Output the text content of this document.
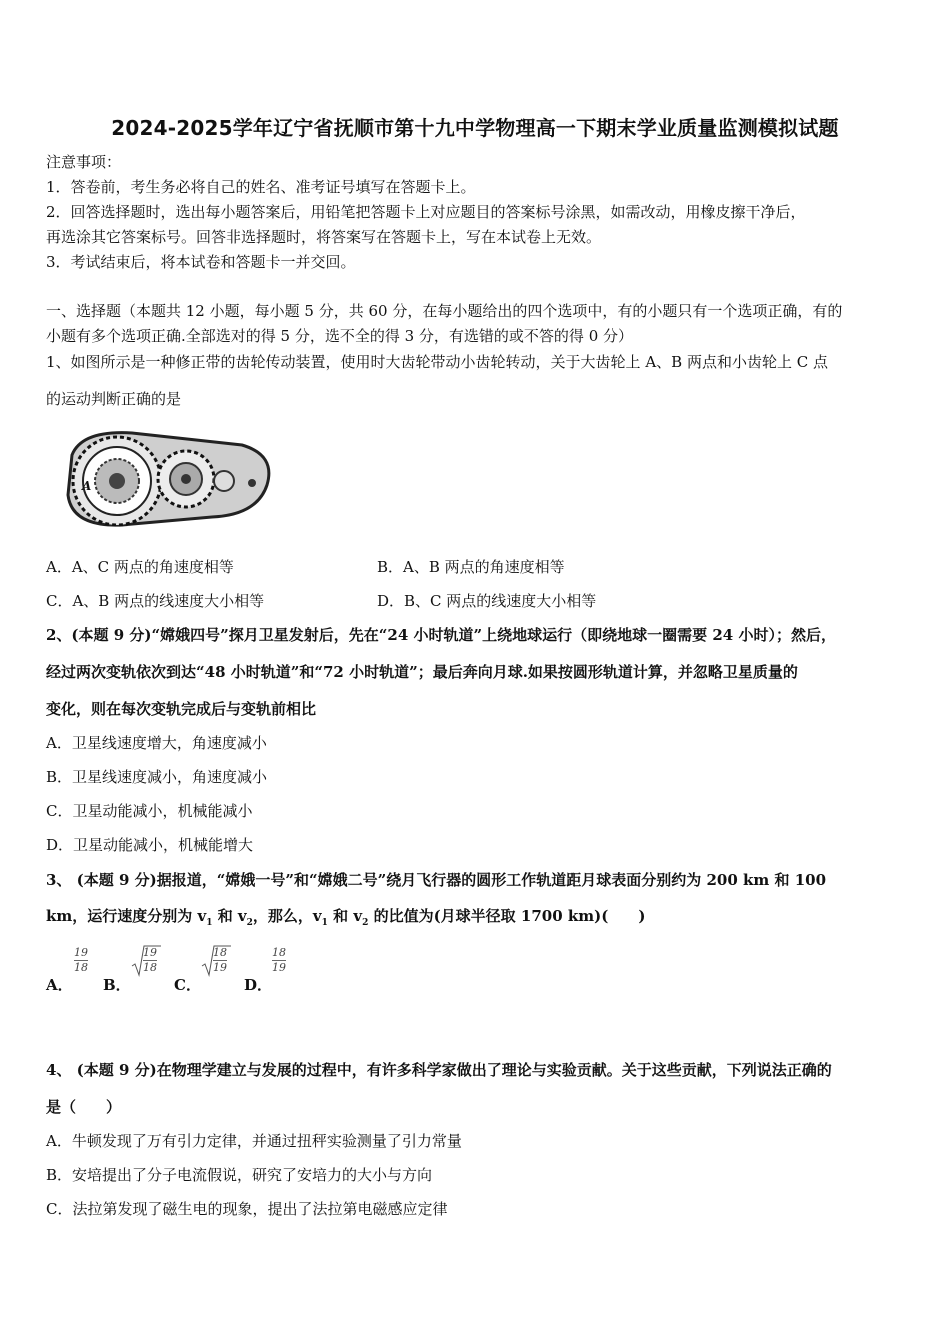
2024-2025学年辽宁省抚顺市第十九中学物理高一下期末学业质量监测模拟试题
注意事项：
1．答卷前，考生务必将自己的姓名、准考证号填写在答题卡上。
2．回答选择题时，选出每小题答案后，用铅笔把答题卡上对应题目的答案标号涂黑，如需改动，用橡皮擦干净后，
再选涂其它答案标号。回答非选择题时，将答案写在答题卡上，写在本试卷上无效。
3．考试结束后，将本试卷和答题卡一并交回。
一、选择题（本题共 12 小题，每小题 5 分，共 60 分，在每小题给出的四个选项中，有的小题只有一个选项正确，有的
小题有多个选项正确.全部选对的得 5 分，选不全的得 3 分，有选错的或不答的得 0 分）
1、如图所示是一种修正带的齿轮传动装置，使用时大齿轮带动小齿轮转动，关于大齿轮上 A、B 两点和小齿轮上 C 点
的运动判断正确的是
A
A．A、C 两点的角速度相等	B．A、B 两点的角速度相等
C．A、B 两点的线速度大小相等	D．B、C 两点的线速度大小相等
2、(本题 9 分)“嫦娥四号”探月卫星发射后，先在“24 小时轨道”上绕地球运行（即绕地球一圈需要 24 小时）；然后，
经过两次变轨依次到达“48 小时轨道”和“72 小时轨道”；最后奔向月球.如果按圆形轨道计算，并忽略卫星质量的
变化，则在每次变轨完成后与变轨前相比
A．卫星线速度增大，角速度减小
B．卫星线速度减小，角速度减小
C．卫星动能减小，机械能减小
D．卫星动能减小，机械能增大
3、 (本题 9 分)据报道，“嫦娥一号”和“嫦娥二号”绕月飞行器的圆形工作轨道距月球表面分别约为 200 km 和 100
km，运行速度分别为 $v_1$ 和 $v_2$，那么，$v_1$ 和 $v_2$ 的比值为(月球半径取 1700 km)(　　)
A．
19
18
B．
19
18
C．
18
19
D．
18
19
4、 (本题 9 分)在物理学建立与发展的过程中，有许多科学家做出了理论与实验贡献。关于这些贡献，下列说法正确的
是（　　）
A．牛顿发现了万有引力定律，并通过扭秤实验测量了引力常量
B．安培提出了分子电流假说，研究了安培力的大小与方向
C．法拉第发现了磁生电的现象，提出了法拉第电磁感应定律
